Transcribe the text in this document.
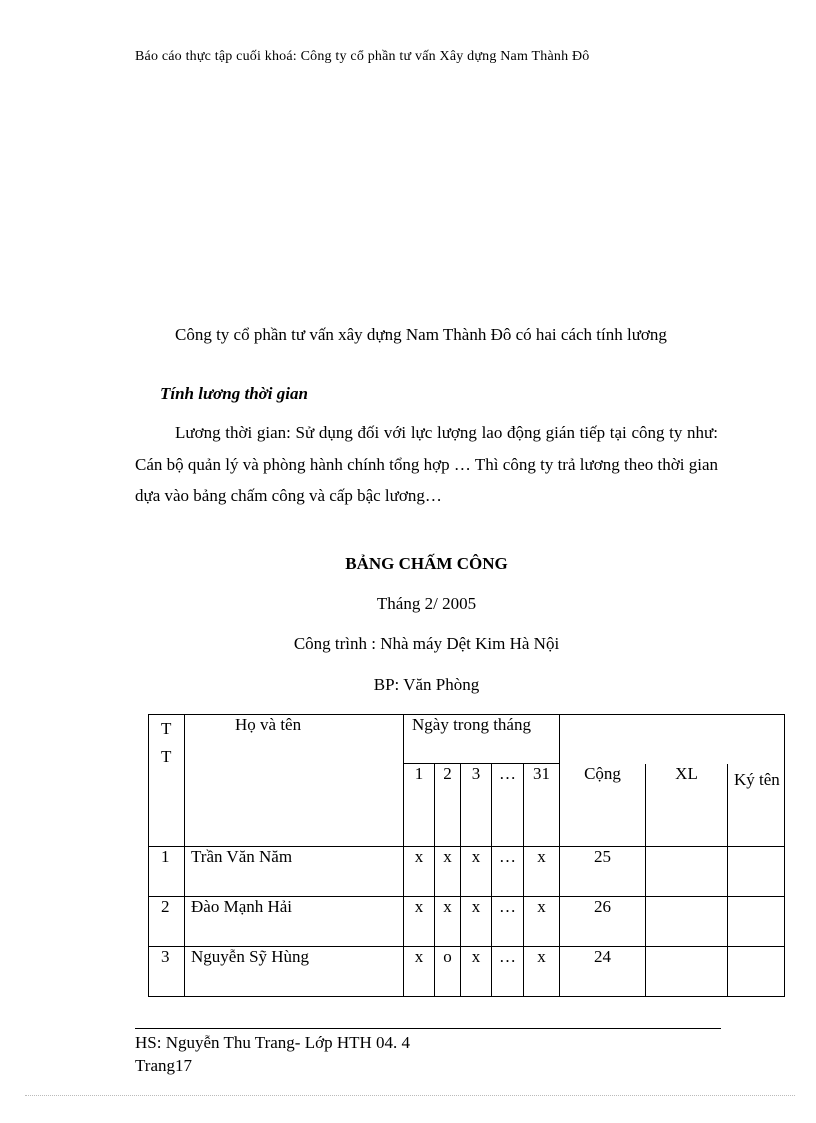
Báo cáo thực tập cuối khoá: Công ty cổ phần tư vấn Xây dựng Nam Thành Đô

Công ty cổ phần tư vấn xây dựng Nam Thành Đô có hai cách tính lương

Tính lương thời gian

Lương thời gian: Sử dụng đối với lực lượng lao động gián tiếp tại công ty như: Cán bộ quản lý và phòng hành chính tổng hợp … Thì công ty trả lương theo thời gian dựa vào bảng chấm công và cấp bậc lương…

BẢNG CHẤM CÔNG
Tháng 2/ 2005
Công trình : Nhà máy Dệt Kim Hà Nội
BP: Văn Phòng
T T	Họ và tên	Ngày trong tháng							
		1	2	3	…	31	Cộng	XL	Ký tên
1	Trần Văn Năm	x	x	x	…	x	25		
2	Đào Mạnh Hải	x	x	x	…	x	26		
3	Nguyễn Sỹ Hùng	x	o	x	…	x	24		
HS: Nguyễn Thu Trang- Lớp HTH 04. 4
Trang17
